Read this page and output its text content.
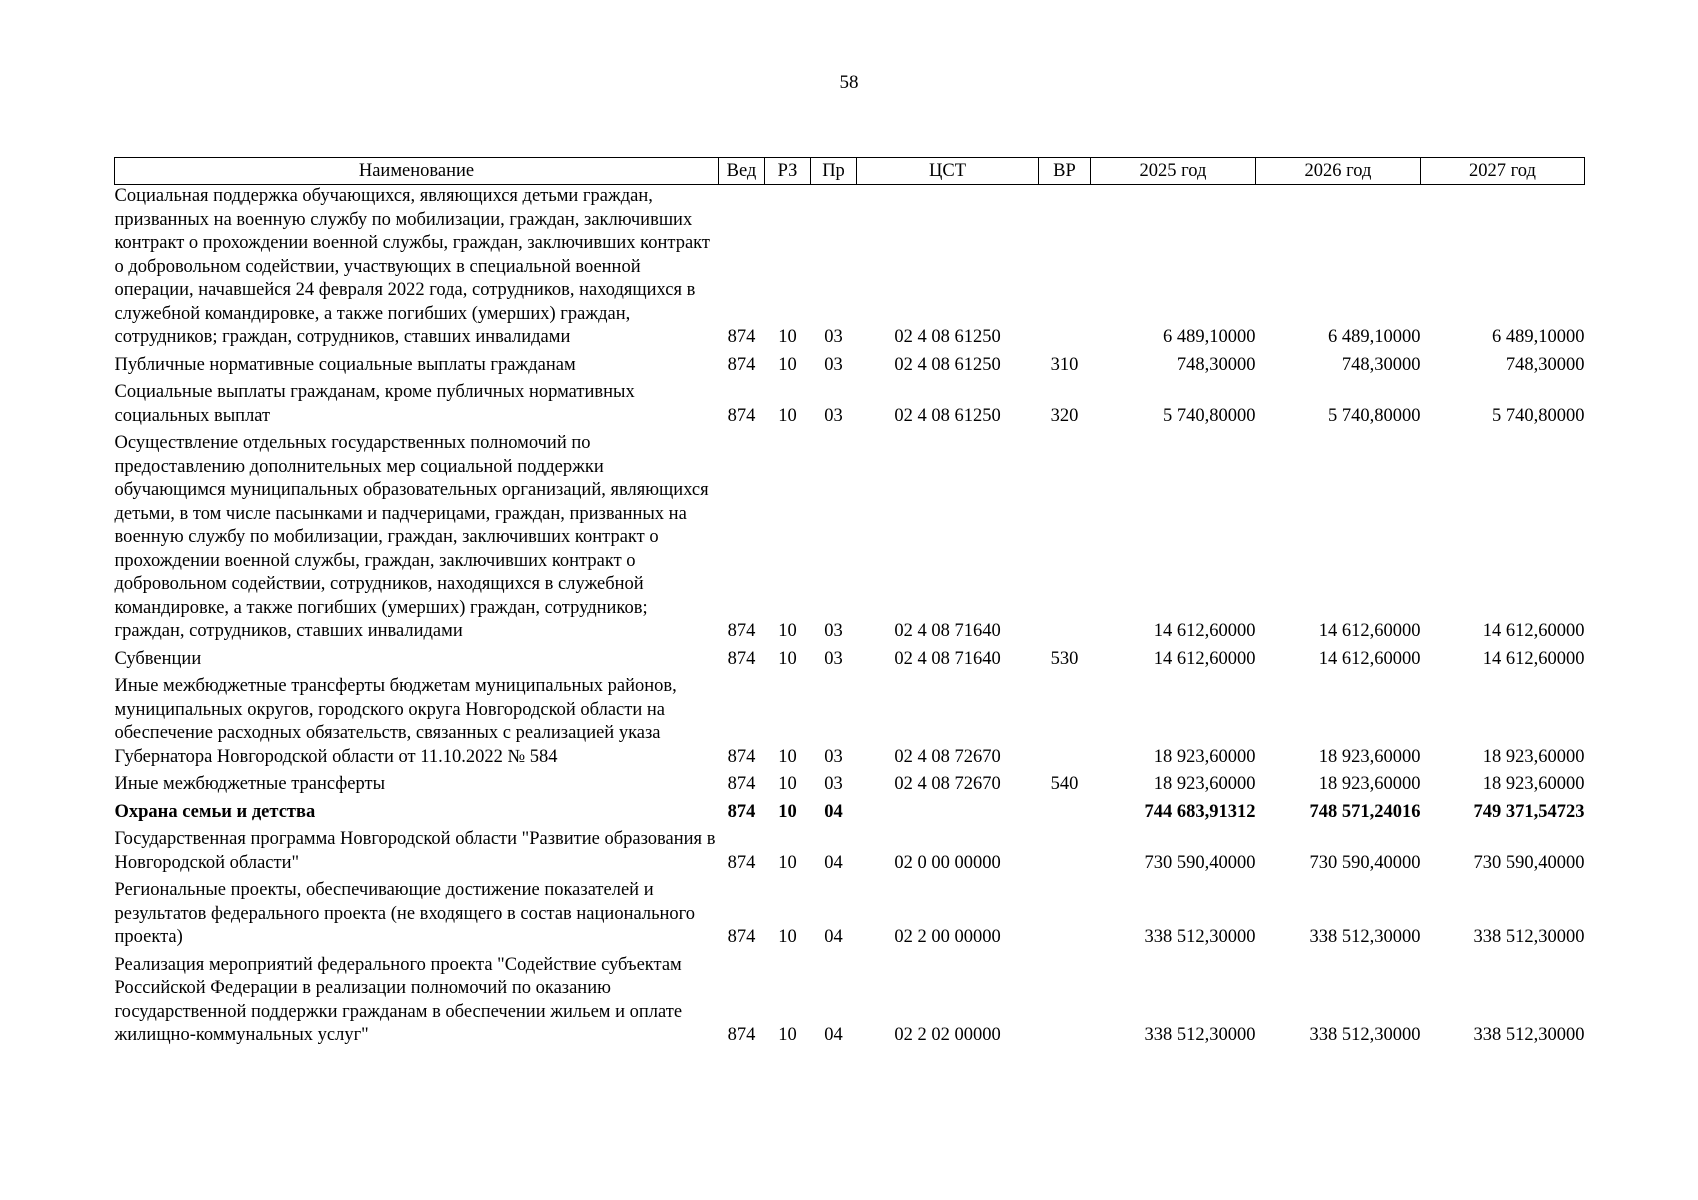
58
Наименование	Вед	РЗ	Пр	ЦСТ	ВР	2025 год	2026 год	2027 год
Социальная поддержка обучающихся, являющихся детьми граждан, призванных на военную службу по мобилизации, граждан, заключивших контракт о прохождении военной службы, граждан, заключивших контракт о добровольном содействии, участвующих в специальной военной операции, начавшейся 24 февраля 2022 года, сотрудников, находящихся в служебной командировке, а также погибших (умерших) граждан, сотрудников; граждан, сотрудников, ставших инвалидами	874	10	03	02 4 08 61250		6 489,10000	6 489,10000	6 489,10000
Публичные нормативные социальные выплаты гражданам	874	10	03	02 4 08 61250	310	748,30000	748,30000	748,30000
Социальные выплаты гражданам, кроме публичных нормативных социальных выплат	874	10	03	02 4 08 61250	320	5 740,80000	5 740,80000	5 740,80000
Осуществление отдельных государственных полномочий по предоставлению дополнительных мер социальной поддержки обучающимся муниципальных образовательных организаций, являющихся детьми, в том числе пасынками и падчерицами, граждан, призванных на военную службу по мобилизации, граждан, заключивших контракт о прохождении военной службы, граждан, заключивших контракт о добровольном содействии, сотрудников, находящихся в служебной командировке, а также погибших (умерших) граждан, сотрудников; граждан, сотрудников, ставших инвалидами	874	10	03	02 4 08 71640		14 612,60000	14 612,60000	14 612,60000
Субвенции	874	10	03	02 4 08 71640	530	14 612,60000	14 612,60000	14 612,60000
Иные межбюджетные трансферты бюджетам муниципальных районов, муниципальных округов, городского округа Новгородской области на обеспечение расходных обязательств, связанных с реализацией указа Губернатора Новгородской области от 11.10.2022 № 584	874	10	03	02 4 08 72670		18 923,60000	18 923,60000	18 923,60000
Иные межбюджетные трансферты	874	10	03	02 4 08 72670	540	18 923,60000	18 923,60000	18 923,60000
Охрана семьи и детства	874	10	04			744 683,91312	748 571,24016	749 371,54723
Государственная программа Новгородской области "Развитие образования в Новгородской области"	874	10	04	02 0 00 00000		730 590,40000	730 590,40000	730 590,40000
Региональные проекты, обеспечивающие достижение показателей и результатов федерального проекта (не входящего в состав национального проекта)	874	10	04	02 2 00 00000		338 512,30000	338 512,30000	338 512,30000
Реализация мероприятий федерального проекта "Содействие субъектам Российской Федерации в реализации полномочий по оказанию государственной поддержки гражданам в обеспечении жильем и оплате жилищно-коммунальных услуг"	874	10	04	02 2 02 00000		338 512,30000	338 512,30000	338 512,30000
